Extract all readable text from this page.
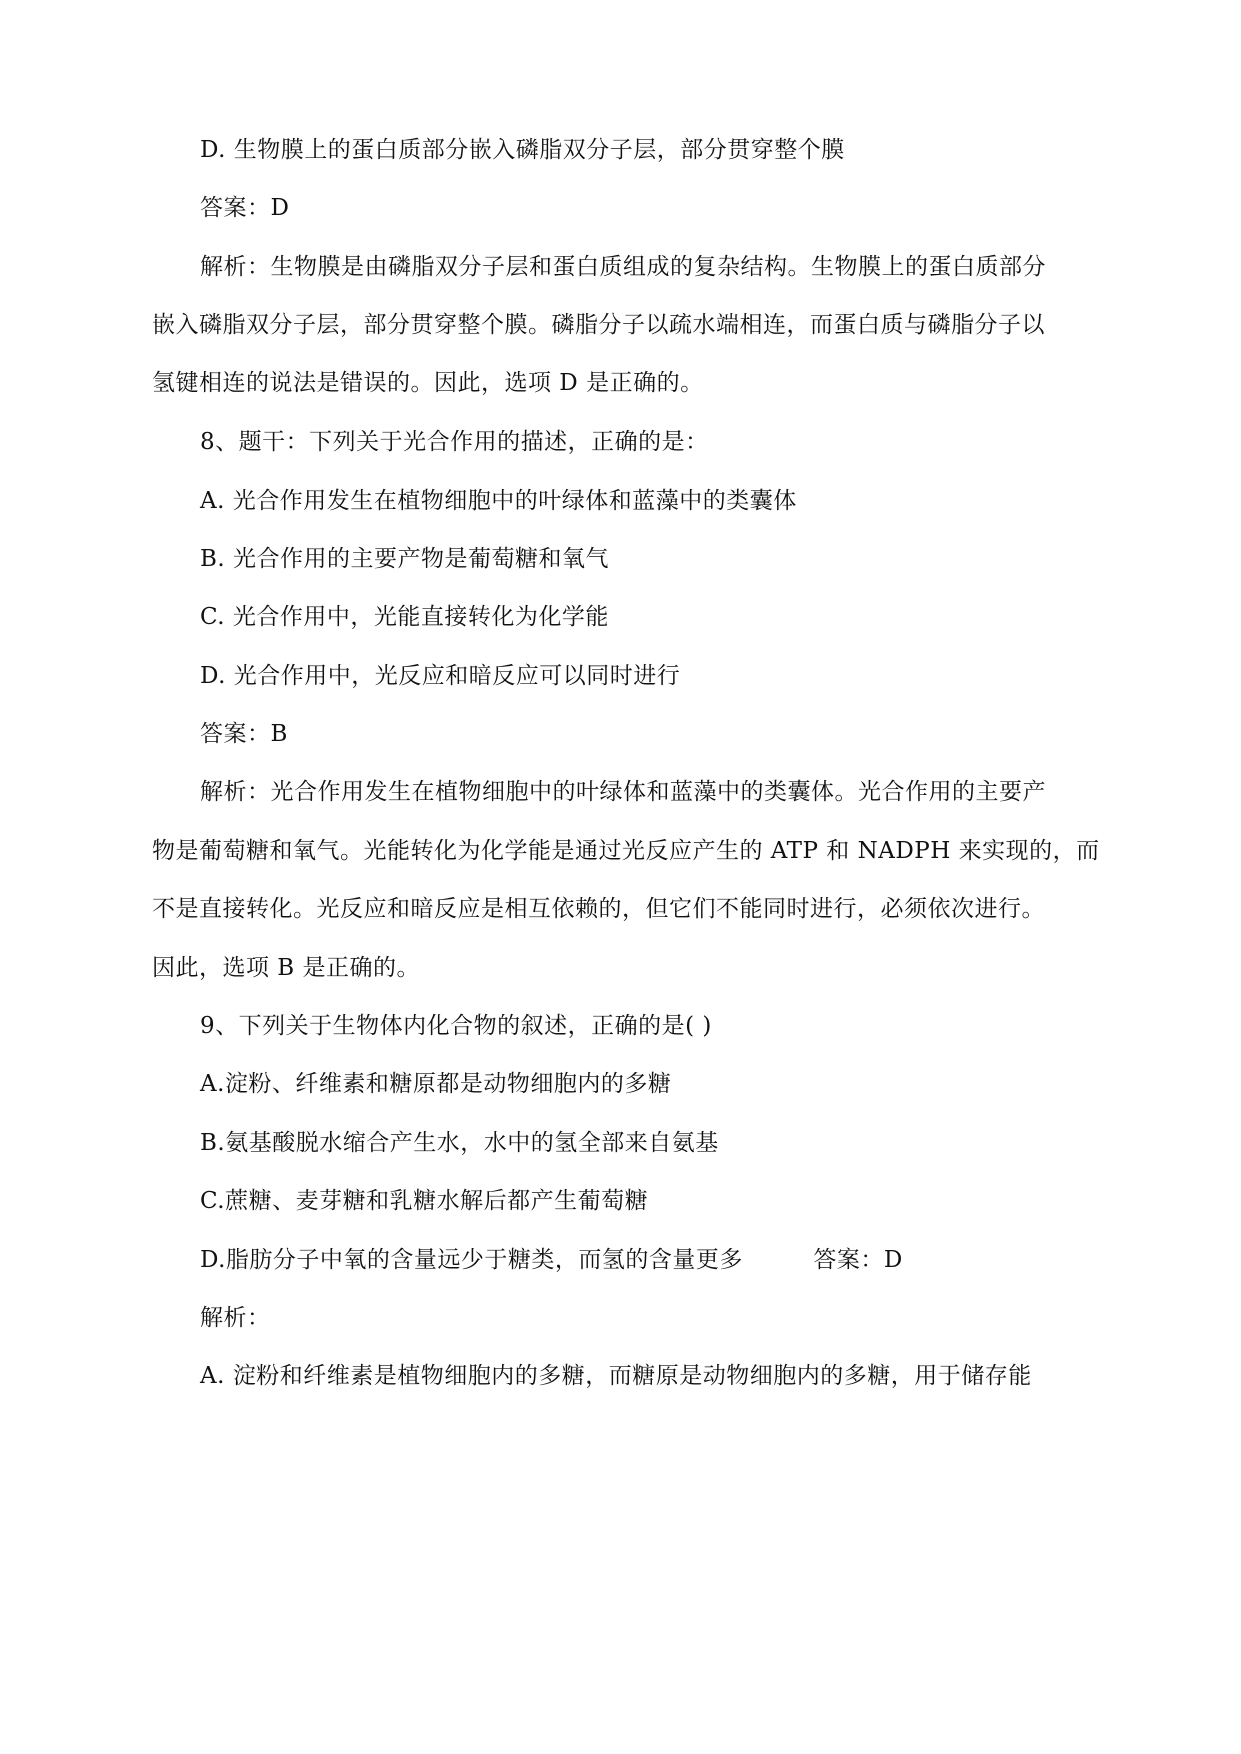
D. 生物膜上的蛋白质部分嵌入磷脂双分子层，部分贯穿整个膜
答案：D
解析：生物膜是由磷脂双分子层和蛋白质组成的复杂结构。生物膜上的蛋白质部分
嵌入磷脂双分子层，部分贯穿整个膜。磷脂分子以疏水端相连，而蛋白质与磷脂分子以
氢键相连的说法是错误的。因此，选项 D 是正确的。
8、题干：下列关于光合作用的描述，正确的是：
A. 光合作用发生在植物细胞中的叶绿体和蓝藻中的类囊体
B. 光合作用的主要产物是葡萄糖和氧气
C. 光合作用中，光能直接转化为化学能
D. 光合作用中，光反应和暗反应可以同时进行
答案：B
解析：光合作用发生在植物细胞中的叶绿体和蓝藻中的类囊体。光合作用的主要产
物是葡萄糖和氧气。光能转化为化学能是通过光反应产生的 ATP 和 NADPH 来实现的，而
不是直接转化。光反应和暗反应是相互依赖的，但它们不能同时进行，必须依次进行。
因此，选项 B 是正确的。
9、下列关于生物体内化合物的叙述，正确的是( )
A.淀粉、纤维素和糖原都是动物细胞内的多糖
B.氨基酸脱水缩合产生水，水中的氢全部来自氨基
C.蔗糖、麦芽糖和乳糖水解后都产生葡萄糖
D.脂肪分子中氧的含量远少于糖类，而氢的含量更多　　　答案：D
解析：
A. 淀粉和纤维素是植物细胞内的多糖，而糖原是动物细胞内的多糖，用于储存能
